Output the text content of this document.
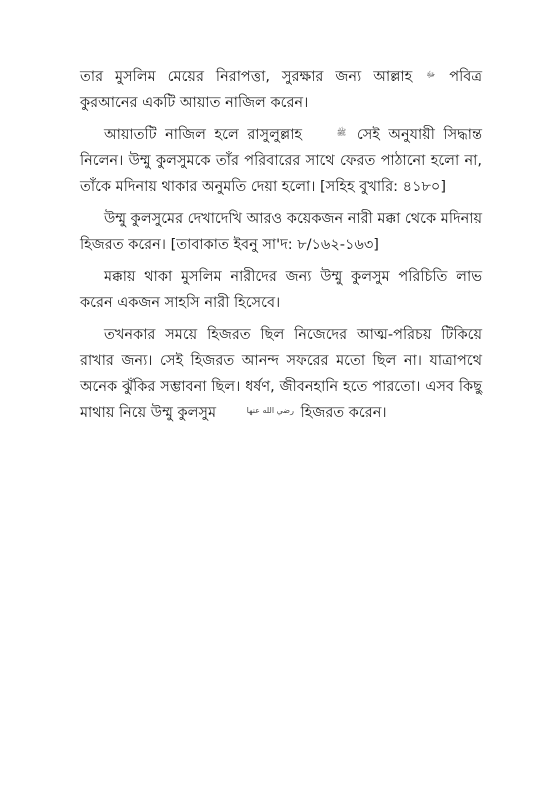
তার মুসলিম মেয়ের নিরাপত্তা, সুরক্ষার জন্য আল্লাহ ﷻ পবিত্র কুরআনের একটি আয়াত নাজিল করেন।

আয়াতটি নাজিল হলে রাসুলুল্লাহ	ﷺ সেই অনুযায়ী সিদ্ধান্ত নিলেন। উম্মু কুলসুমকে তাঁর পরিবারের সাথে ফেরত পাঠানো হলো না, তাঁকে মদিনায় থাকার অনুমতি দেয়া হলো। [সহিহ বুখারি: ৪১৮০]

উম্মু কুলসুমের দেখাদেখি আরও কয়েকজন নারী মক্কা থেকে মদিনায় হিজরত করেন। [তাবাকাত ইবনু সা'দ: ৮/১৬২-১৬৩]

মক্কায় থাকা মুসলিম নারীদের জন্য উম্মু কুলসুম পরিচিতি লাভ করেন একজন সাহসি নারী হিসেবে।

তখনকার সময়ে হিজরত ছিল নিজেদের আত্ম-পরিচয় টিকিয়ে রাখার জন্য। সেই হিজরত আনন্দ সফরের মতো ছিল না। যাত্রাপথে অনেক ঝুঁকির সম্ভাবনা ছিল। ধর্ষণ, জীবনহানি হতে পারতো। এসব কিছু মাথায় নিয়ে উম্মু কুলসুম	رضي الله عنها হিজরত করেন।
